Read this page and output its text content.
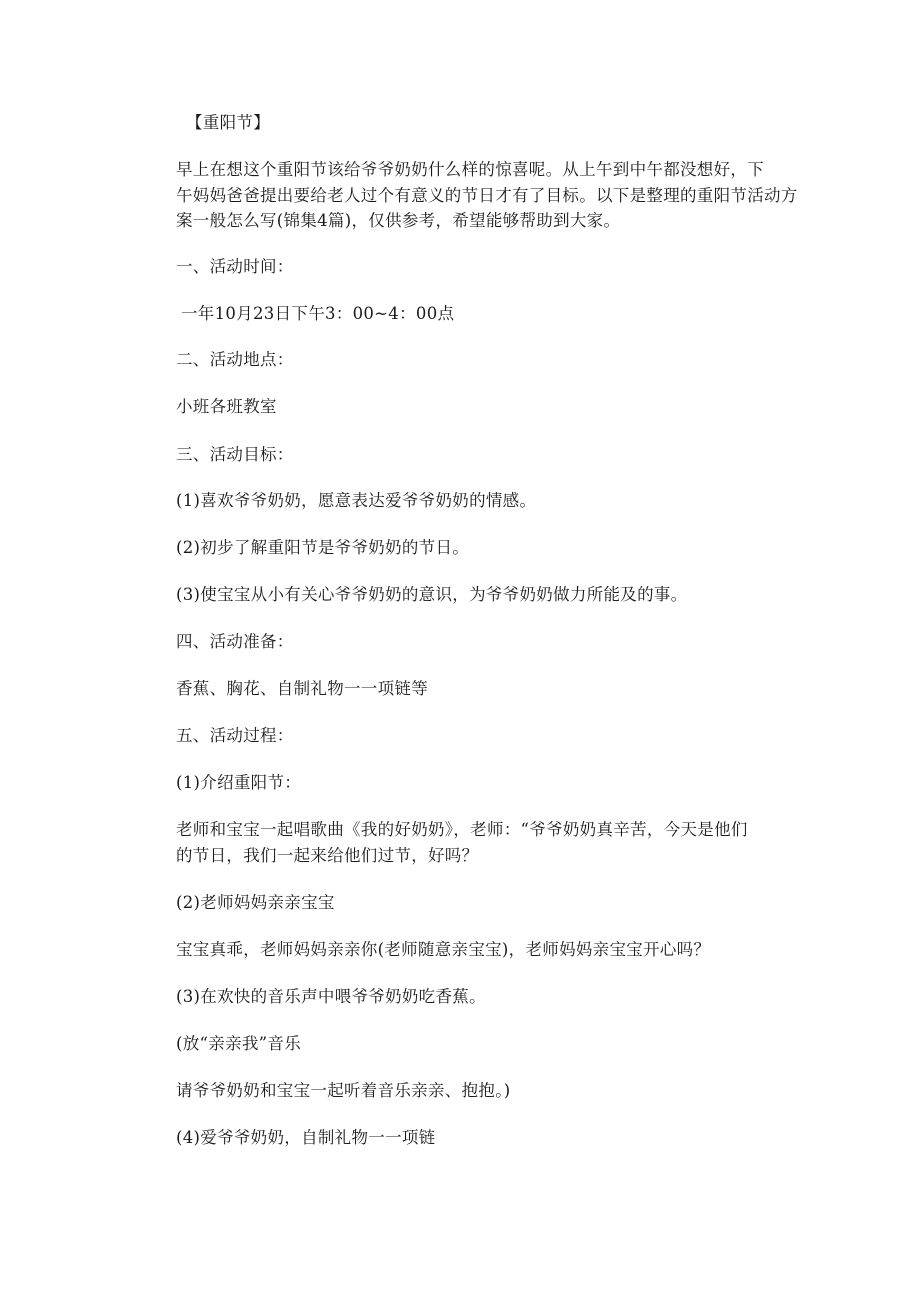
【重阳节】
早上在想这个重阳节该给爷爷奶奶什么样的惊喜呢。从上午到中午都没想好，下
午妈妈爸爸提出要给老人过个有意义的节日才有了目标。以下是整理的重阳节活动方
案一般怎么写(锦集4篇)，仅供参考，希望能够帮助到大家。
一、活动时间：
一年10月23日下午3：00~4：00点
二、活动地点：
小班各班教室
三、活动目标：
(1)喜欢爷爷奶奶，愿意表达爱爷爷奶奶的情感。
(2)初步了解重阳节是爷爷奶奶的节日。
(3)使宝宝从小有关心爷爷奶奶的意识，为爷爷奶奶做力所能及的事。
四、活动准备：
香蕉、胸花、自制礼物一一项链等
五、活动过程：
(1)介绍重阳节：
老师和宝宝一起唱歌曲《我的好奶奶》，老师：“爷爷奶奶真辛苦，今天是他们
的节日，我们一起来给他们过节，好吗？
(2)老师妈妈亲亲宝宝
宝宝真乖，老师妈妈亲亲你(老师随意亲宝宝)，老师妈妈亲宝宝开心吗？
(3)在欢快的音乐声中喂爷爷奶奶吃香蕉。
(放“亲亲我”音乐
请爷爷奶奶和宝宝一起听着音乐亲亲、抱抱。)
(4)爱爷爷奶奶，自制礼物一一项链
